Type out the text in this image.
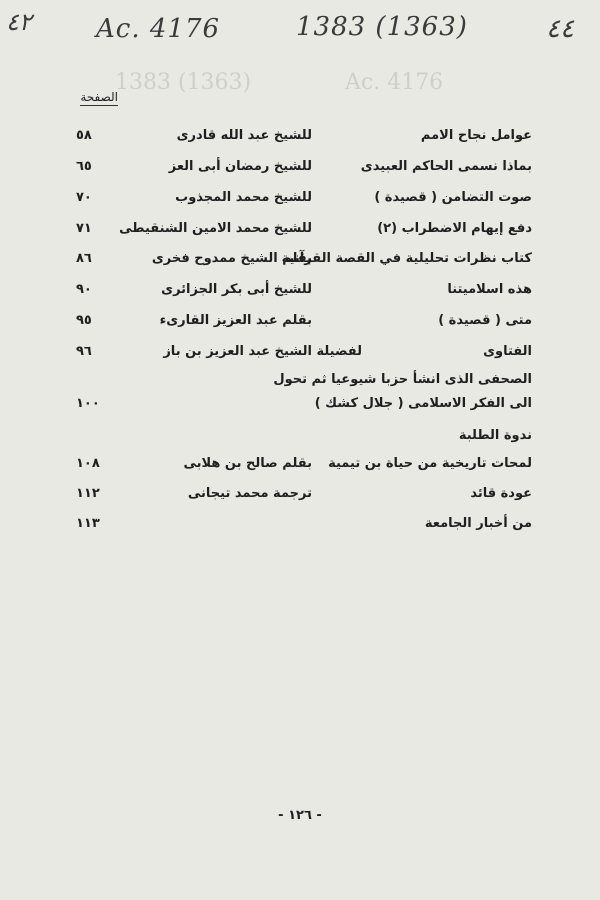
٤٢ Ac. 4176	1383 (1363)	٤٤
Ac. 4176
1383 (1363)
الصفحة
عوامل نجاح الامم
للشيخ عبد الله قادرى
٥٨
بماذا نسمى الحاكم العبيدى
للشيخ رمضان أبى العز
٦٥
صوت التضامن ( قصيدة )
للشيخ محمد المجذوب
٧٠
دفع إيهام الاضطراب (٢)
للشيخ محمد الامين الشنقيطى
٧١
كتاب نظرات تحليلية في القصة القرآنية
بقلم الشيخ ممدوح فخرى
٨٦
هذه اسلاميتنا
للشيخ أبى بكر الجزائرى
٩٠
متى ( قصيدة )
بقلم عبد العزيز القارىء
٩٥
الفتاوى
لفضيلة الشيخ عبد العزيز بن باز
٩٦
الصحفى الذى انشأ حزبا شيوعيا ثم تحول
الى الفكر الاسلامى ( جلال كشك )
١٠٠
ندوة الطلبة
لمحات تاريخية من حياة بن تيمية
بقلم صالح بن هلابى
١٠٨
عودة قائد
ترجمة محمد تيجانى
١١٢
من أخبار الجامعة
١١٣
- ١٢٦ -
